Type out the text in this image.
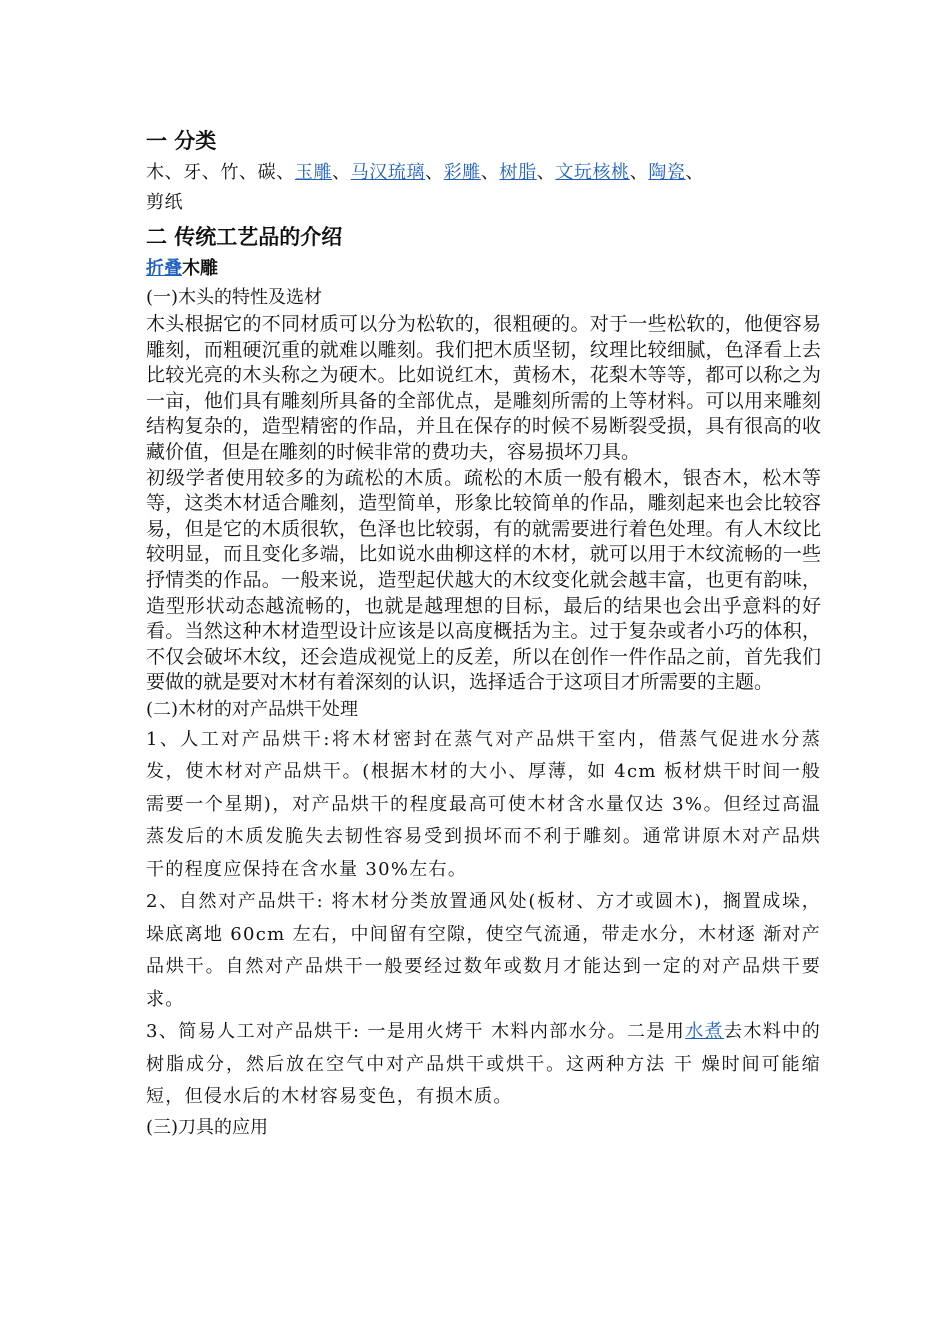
一 分类

木、牙、竹、碳、玉雕、马汉琉璃、彩雕、树脂、文玩核桃、陶瓷、
剪纸

二 传统工艺品的介绍

折叠木雕

(一)木头的特性及选材

木头根据它的不同材质可以分为松软的，很粗硬的。对于一些松软的，他便容易雕刻，而粗硬沉重的就难以雕刻。我们把木质坚韧，纹理比较细腻，色泽看上去比较光亮的木头称之为硬木。比如说红木，黄杨木，花梨木等等，都可以称之为一亩，他们具有雕刻所具备的全部优点，是雕刻所需的上等材料。可以用来雕刻结构复杂的，造型精密的作品，并且在保存的时候不易断裂受损，具有很高的收藏价值，但是在雕刻的时候非常的费功夫，容易损坏刀具。

初级学者使用较多的为疏松的木质。疏松的木质一般有椴木，银杏木，松木等等，这类木材适合雕刻，造型简单，形象比较简单的作品，雕刻起来也会比较容易，但是它的木质很软，色泽也比较弱，有的就需要进行着色处理。有人木纹比较明显，而且变化多端，比如说水曲柳这样的木材，就可以用于木纹流畅的一些抒情类的作品。一般来说，造型起伏越大的木纹变化就会越丰富，也更有韵味，造型形状动态越流畅的，也就是越理想的目标，最后的结果也会出乎意料的好看。当然这种木材造型设计应该是以高度概括为主。过于复杂或者小巧的体积，不仅会破坏木纹，还会造成视觉上的反差，所以在创作一件作品之前，首先我们要做的就是要对木材有着深刻的认识，选择适合于这项目才所需要的主题。

(二)木材的对产品烘干处理

1、人工对产品烘干:将木材密封在蒸气对产品烘干室内，借蒸气促进水分蒸发，使木材对产品烘干。(根据木材的大小、厚薄，如 4cm 板材烘干时间一般需要一个星期)，对产品烘干的程度最高可使木材含水量仅达 3%。但经过高温蒸发后的木质发脆失去韧性容易受到损坏而不利于雕刻。通常讲原木对产品烘干的程度应保持在含水量 30%左右。

2、自然对产品烘干: 将木材分类放置通风处(板材、方才或圆木)，搁置成垛，垛底离地 60cm 左右，中间留有空隙，使空气流通，带走水分，木材逐 渐对产品烘干。自然对产品烘干一般要经过数年或数月才能达到一定的对产品烘干要求。

3、简易人工对产品烘干: 一是用火烤干 木料内部水分。二是用水煮去木料中的树脂成分，然后放在空气中对产品烘干或烘干。这两种方法 干 燥时间可能缩短，但侵水后的木材容易变色，有损木质。

(三)刀具的应用
